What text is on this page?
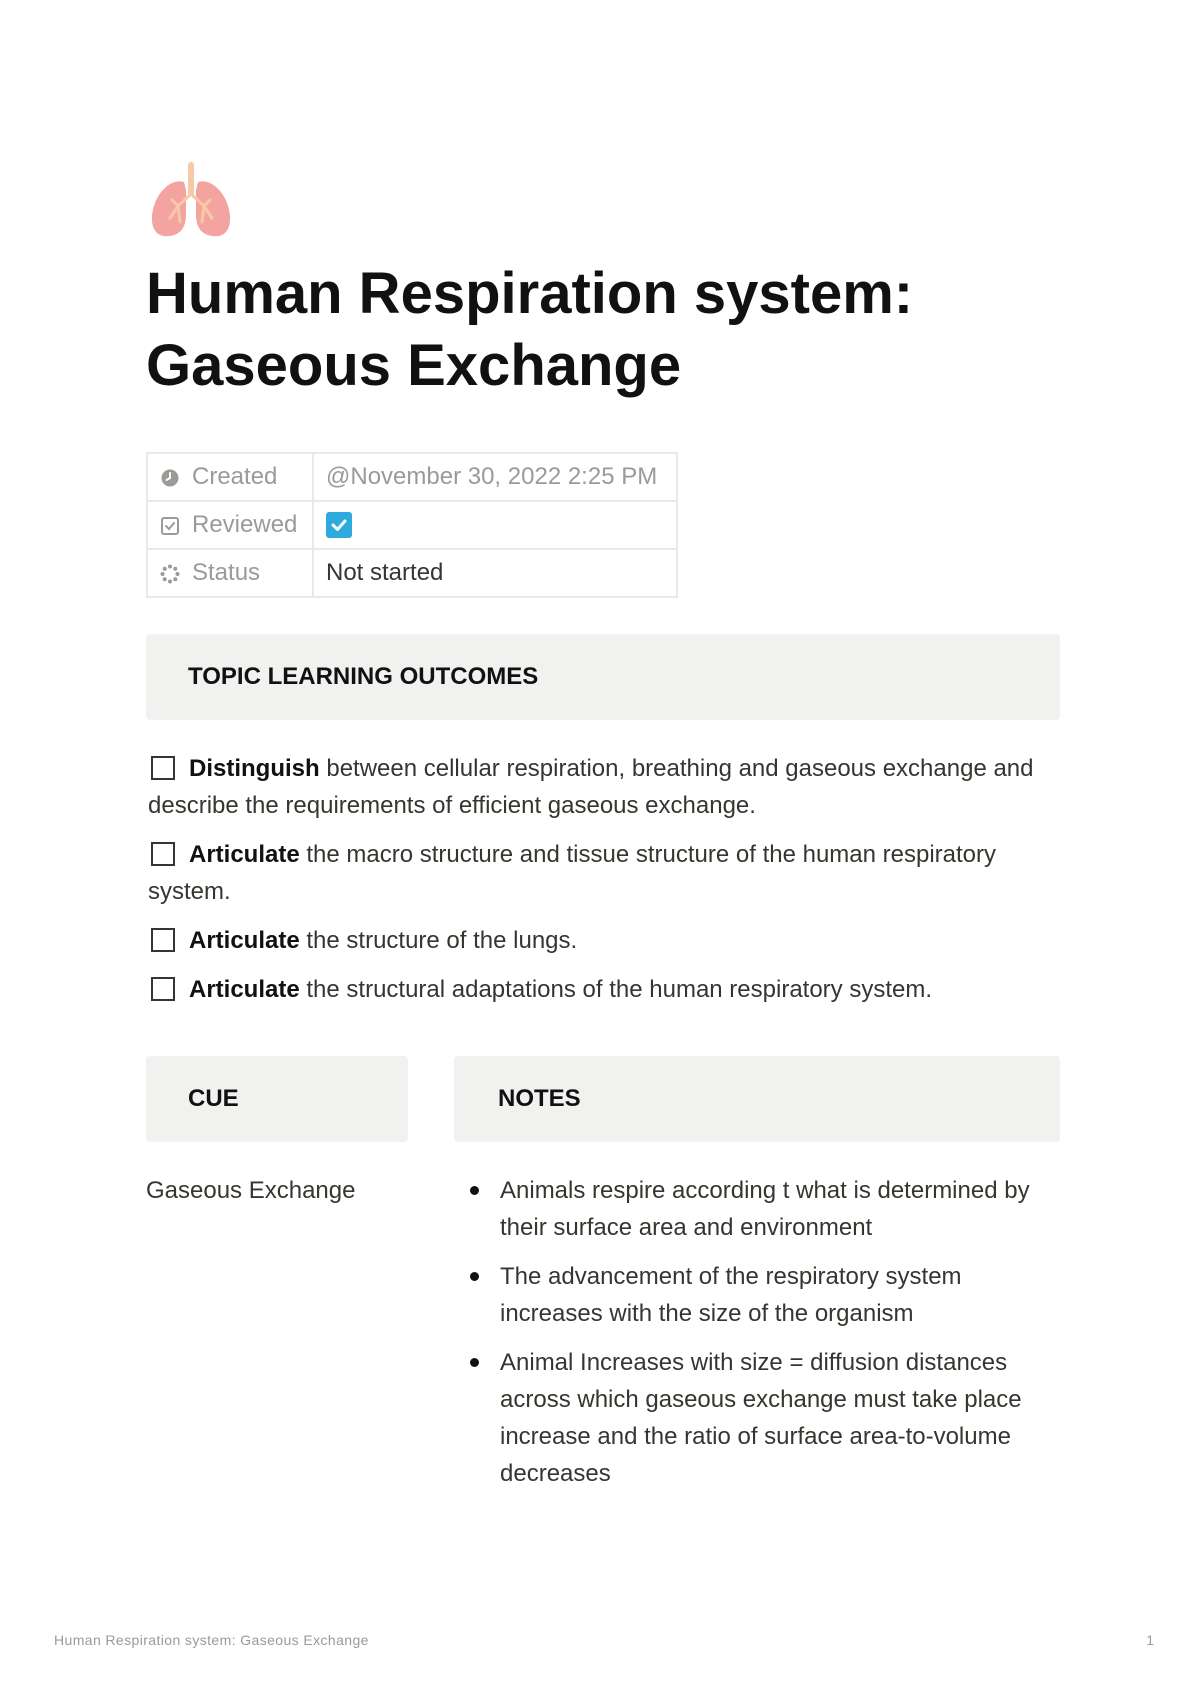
Human Respiration system:
Gaseous Exchange
Created	@November 30, 2022 2:25 PM

Reviewed

Status	Not started
TOPIC LEARNING OUTCOMES
Distinguish between cellular respiration, breathing and gaseous exchange and describe the requirements of efficient gaseous exchange.
Articulate the macro structure and tissue structure of the human respiratory system.
Articulate the structure of the lungs.
Articulate the structural adaptations of the human respiratory system.
CUE	NOTES

Gaseous Exchange	Animals respire according t what is determined by their surface area and environment
The advancement of the respiratory system increases with the size of the organism
Animal Increases with size = diffusion distances across which gaseous exchange must take place increase and the ratio of surface area-to-volume decreases
Human Respiration system: Gaseous Exchange	1
